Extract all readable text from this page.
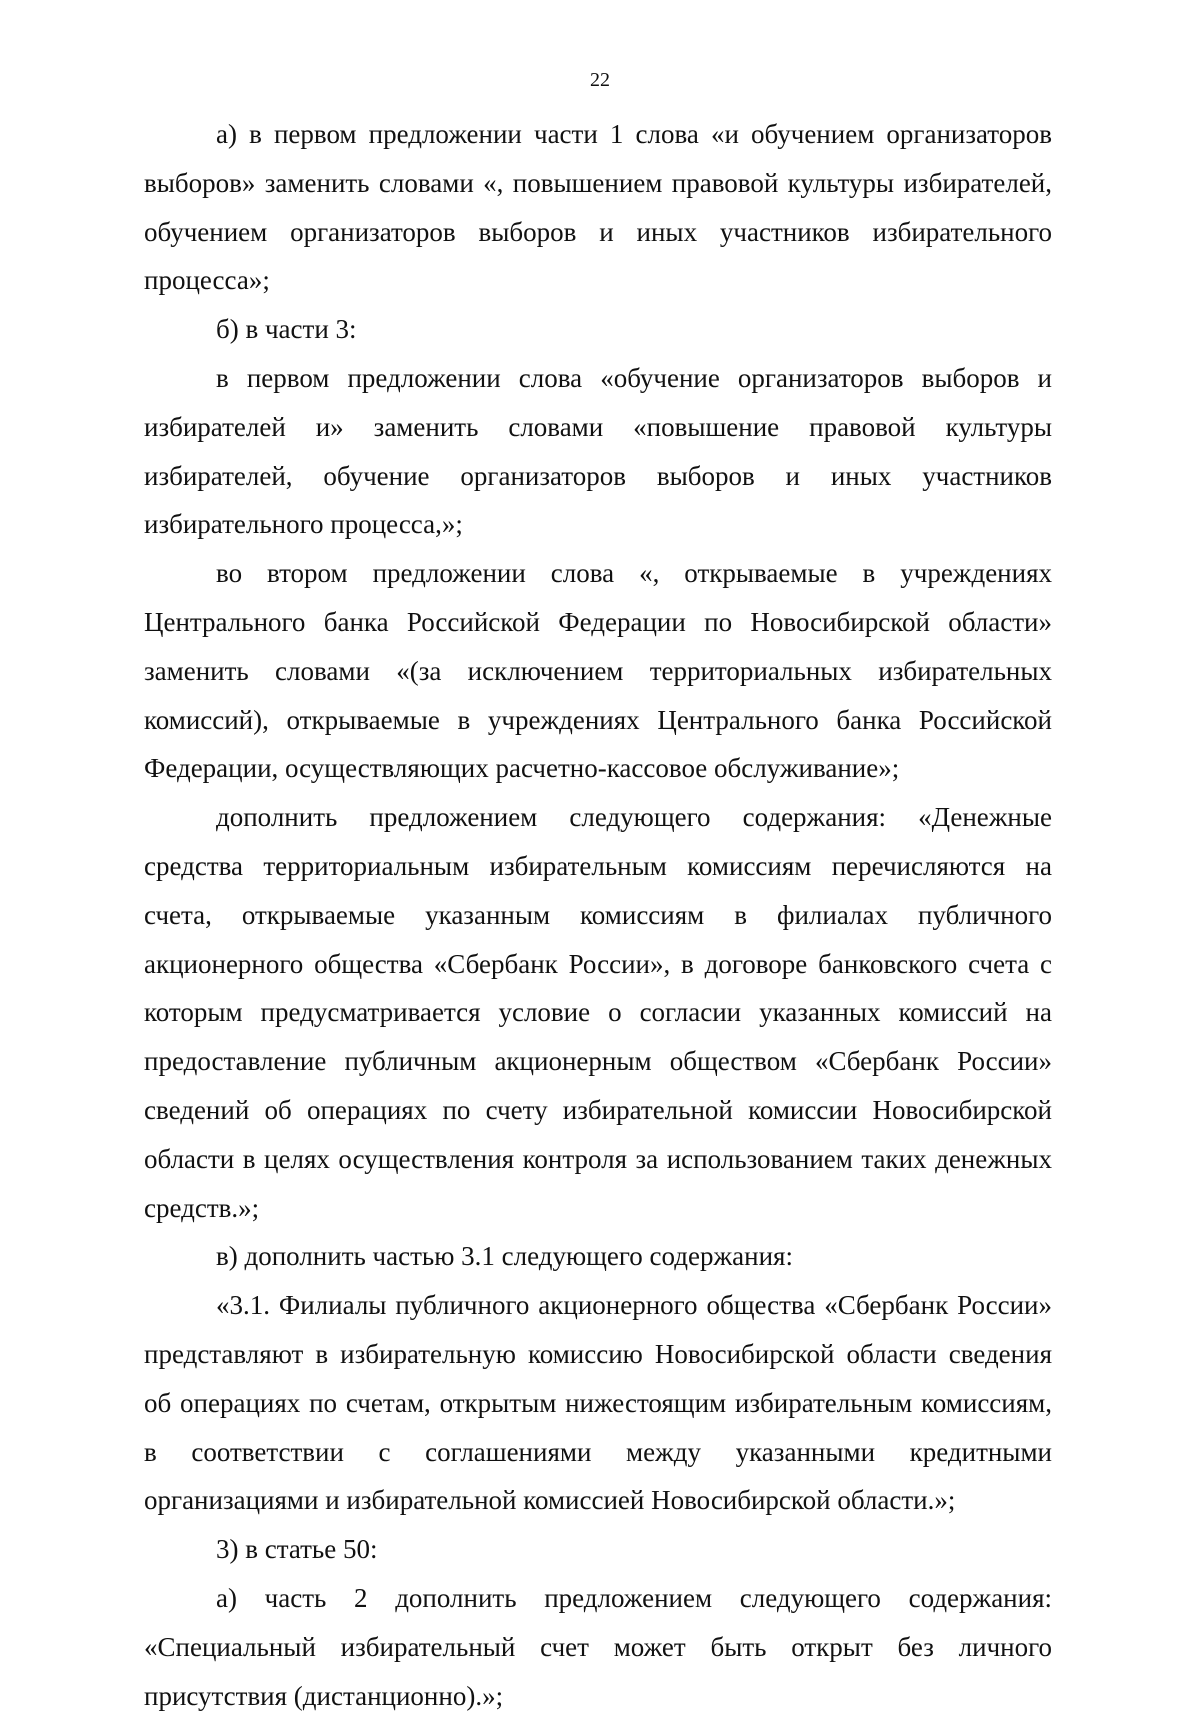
22

а) в первом предложении части 1 слова «и обучением организаторов выборов» заменить словами «, повышением правовой культуры избирателей, обучением организаторов выборов и иных участников избирательного процесса»;

б) в части 3:

в первом предложении слова «обучение организаторов выборов и избирателей и» заменить словами «повышение правовой культуры избирателей, обучение организаторов выборов и иных участников избирательного процесса,»;

во втором предложении слова «, открываемые в учреждениях Центрального банка Российской Федерации по Новосибирской области» заменить словами «(за исключением территориальных избирательных комиссий), открываемые в учреждениях Центрального банка Российской Федерации, осуществляющих расчетно-кассовое обслуживание»;

дополнить предложением следующего содержания: «Денежные средства территориальным избирательным комиссиям перечисляются на счета, открываемые указанным комиссиям в филиалах публичного акционерного общества «Сбербанк России», в договоре банковского счета с которым предусматривается условие о согласии указанных комиссий на предоставление публичным акционерным обществом «Сбербанк России» сведений об операциях по счету избирательной комиссии Новосибирской области в целях осуществления контроля за использованием таких денежных средств.»;

в) дополнить частью 3.1 следующего содержания:

«3.1. Филиалы публичного акционерного общества «Сбербанк России» представляют в избирательную комиссию Новосибирской области сведения об операциях по счетам, открытым нижестоящим избирательным комиссиям, в соответствии с соглашениями между указанными кредитными организациями и избирательной комиссией Новосибирской области.»;

3) в статье 50:

а) часть 2 дополнить предложением следующего содержания: «Специальный избирательный счет может быть открыт без личного присутствия (дистанционно).»;
